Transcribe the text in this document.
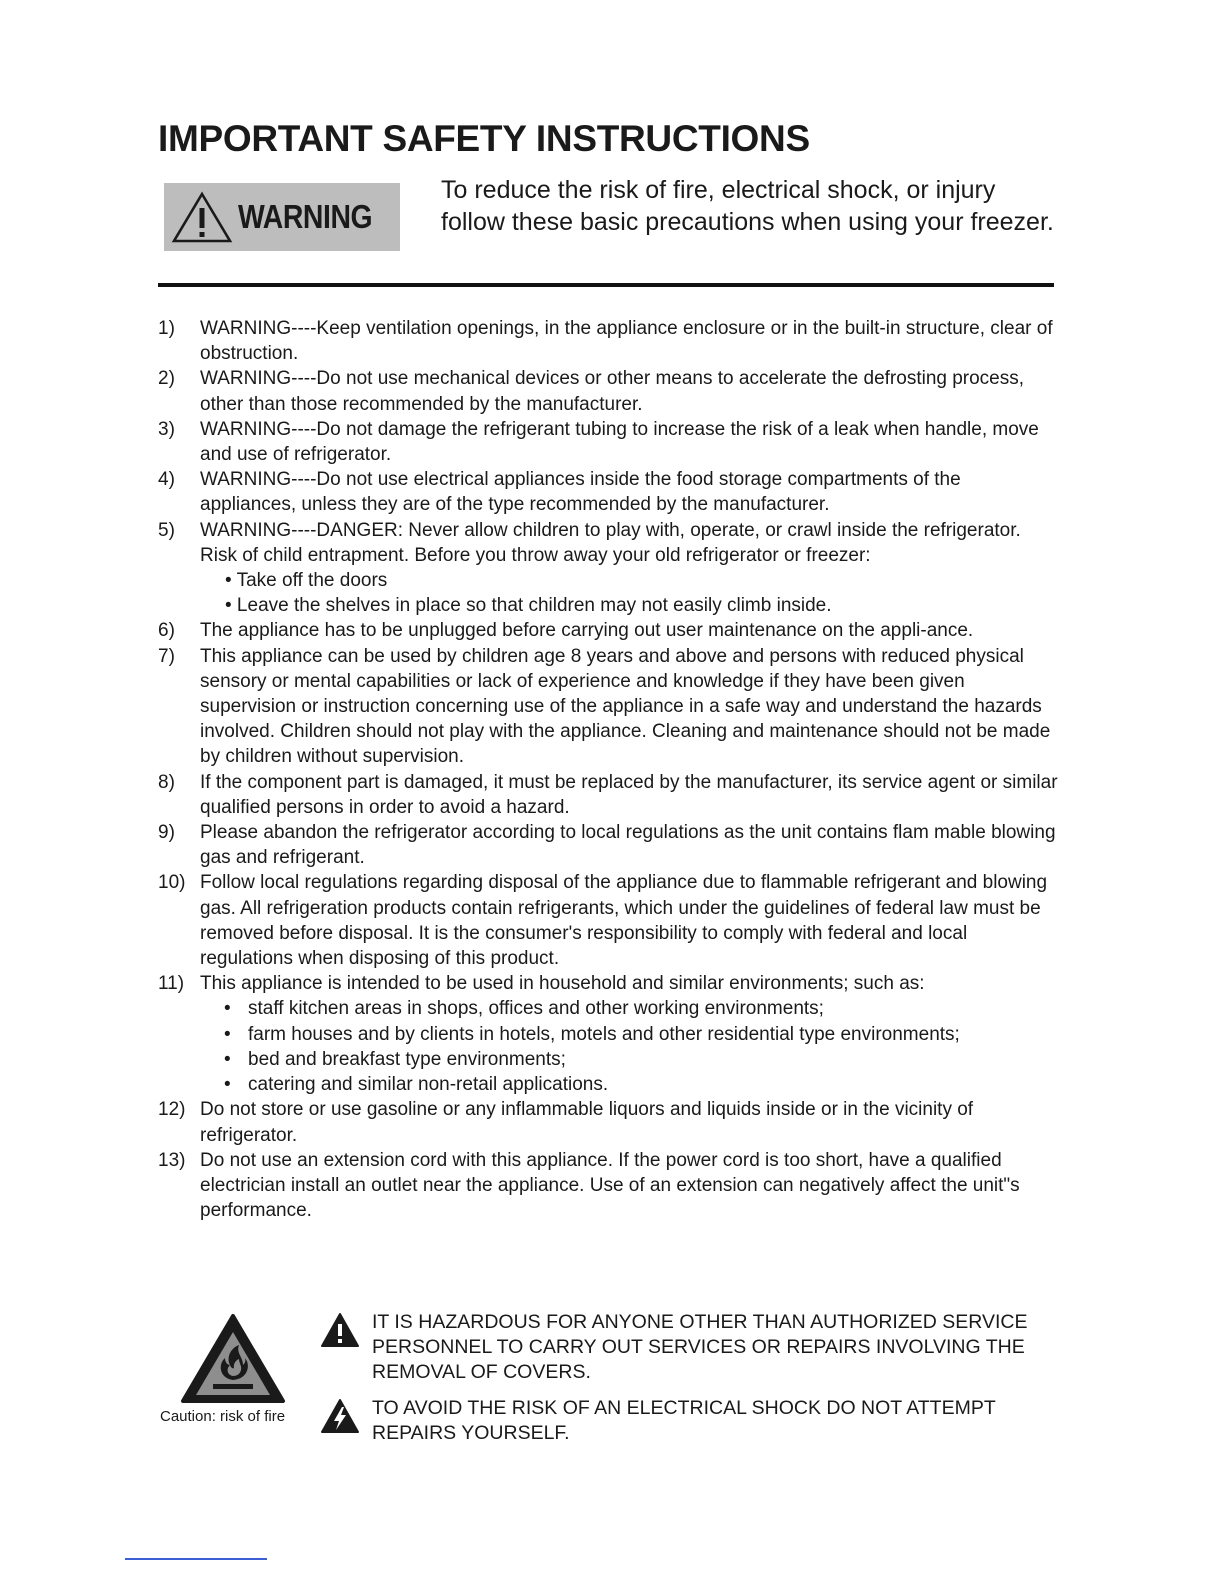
IMPORTANT SAFETY INSTRUCTIONS
WARNING

To reduce the risk of fire, electrical shock, or injury follow these basic precautions when using your freezer.

1) WARNING----Keep ventilation openings, in the appliance enclosure or in the built-in structure, clear of obstruction.
2) WARNING----Do not use mechanical devices or other means to accelerate the defrosting process, other than those recommended by the manufacturer.
3) WARNING----Do not damage the refrigerant tubing to increase the risk of a leak when handle, move and use of refrigerator.
4) WARNING----Do not use electrical appliances inside the food storage compartments of the appliances, unless they are of the type recommended by the manufacturer.
5) WARNING----DANGER: Never allow children to play with, operate, or crawl inside the refrigerator. Risk of child entrapment. Before you throw away your old refrigerator or freezer:
• Take off the doors
• Leave the shelves in place so that children may not easily climb inside.
6) The appliance has to be unplugged before carrying out user maintenance on the appli-ance.
7) This appliance can be used by children age 8 years and above and persons with reduced physical sensory or mental capabilities or lack of experience and knowledge if they have been given supervision or instruction concerning use of the appliance in a safe way and understand the hazards involved. Children should not play with the appliance. Cleaning and maintenance should not be made by children without supervision.
8) If the component part is damaged, it must be replaced by the manufacturer, its service agent or similar qualified persons in order to avoid a hazard.
9) Please abandon the refrigerator according to local regulations as the unit contains flam mable blowing gas and refrigerant.
10) Follow local regulations regarding disposal of the appliance due to flammable refrigerant and blowing gas. All refrigeration products contain refrigerants, which under the guidelines of federal law must be removed before disposal. It is the consumer's responsibility to comply with federal and local regulations when disposing of this product.
11) This appliance is intended to be used in household and similar environments; such as:
• staff kitchen areas in shops, offices and other working environments;
• farm houses and by clients in hotels, motels and other residential type environments;
• bed and breakfast type environments;
• catering and similar non-retail applications.
12) Do not store or use gasoline or any inflammable liquors and liquids inside or in the vicinity of refrigerator.
13) Do not use an extension cord with this appliance. If the power cord is too short, have a qualified electrician install an outlet near the appliance. Use of an extension can negatively affect the unit"s performance.
Caution: risk of fire
IT IS HAZARDOUS FOR ANYONE OTHER THAN AUTHORIZED SERVICE PERSONNEL TO CARRY OUT SERVICES OR REPAIRS INVOLVING THE REMOVAL OF COVERS.
TO AVOID THE RISK OF AN ELECTRICAL SHOCK DO NOT ATTEMPT REPAIRS YOURSELF.
